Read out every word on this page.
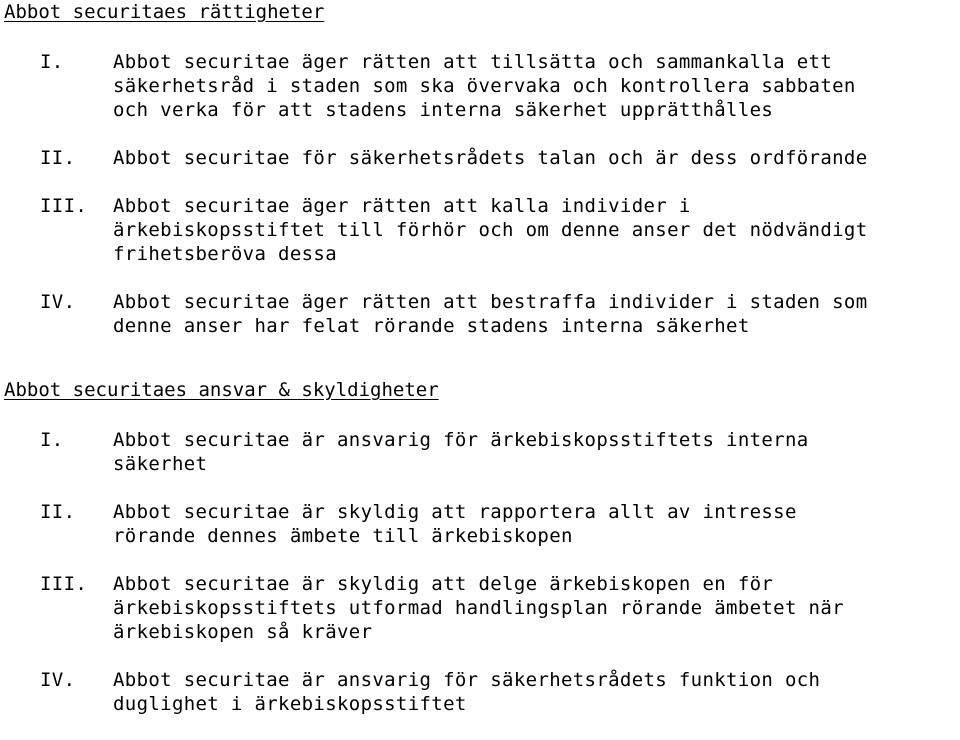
Abbot securitaes rättigheter
I.	Abbot securitae äger rätten att tillsätta och sammankalla ett
säkerhetsråd i staden som ska övervaka och kontrollera sabbaten
och verka för att stadens interna säkerhet upprätthålles
II. Abbot securitae för säkerhetsrådets talan och är dess ordförande
III. Abbot securitae äger rätten att kalla individer i
ärkebiskopsstiftet till förhör och om denne anser det nödvändigt
frihetsberöva dessa
IV. Abbot securitae äger rätten att bestraffa individer i staden som
denne anser har felat rörande stadens interna säkerhet
Abbot securitaes ansvar & skyldigheter
I.	Abbot securitae är ansvarig för ärkebiskopsstiftets interna
säkerhet
II. Abbot securitae är skyldig att rapportera allt av intresse
rörande dennes ämbete till ärkebiskopen
III. Abbot securitae är skyldig att delge ärkebiskopen en för
ärkebiskopsstiftets utformad handlingsplan rörande ämbetet när
ärkebiskopen så kräver
IV. Abbot securitae är ansvarig för säkerhetsrådets funktion och
duglighet i ärkebiskopsstiftet
